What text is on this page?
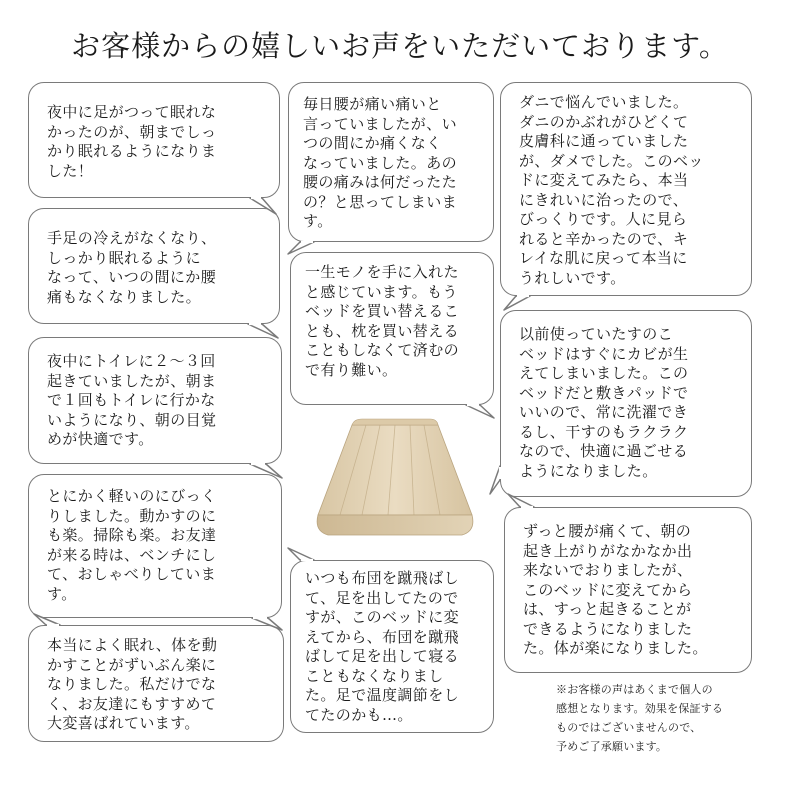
お客様からの嬉しいお声をいただいております。
夜中に足がつって眠れな
かったのが、朝までしっ
かり眠れるようになりま
した！
手足の冷えがなくなり、
しっかり眠れるように
なって、いつの間にか腰
痛もなくなりました。
夜中にトイレに２～３回
起きていましたが、朝ま
で１回もトイレに行かな
いようになり、朝の目覚
めが快適です。
とにかく軽いのにびっく
りしました。動かすのに
も楽。掃除も楽。お友達
が来る時は、ベンチにし
て、おしゃべりしていま
す。
本当によく眠れ、体を動
かすことがずいぶん楽に
なりました。私だけでな
く、お友達にもすすめて
大変喜ばれています。
毎日腰が痛い痛いと
言っていましたが、い
つの間にか痛くなく
なっていました。あの
腰の痛みは何だったた
の？と思ってしまいま
す。
一生モノを手に入れた
と感じています。もう
ベッドを買い替えるこ
とも、枕を買い替える
こともしなくて済むの
で有り難い。
いつも布団を蹴飛ばし
て、足を出してたので
すが、このベッドに変
えてから、布団を蹴飛
ばして足を出して寝る
こともなくなりまし
た。足で温度調節をし
てたのかも…。
ダニで悩んでいました。
ダニのかぶれがひどくて
皮膚科に通っていました
が、ダメでした。このベッ
ドに変えてみたら、本当
にきれいに治ったので、
びっくりです。人に見ら
れると辛かったので、キ
レイな肌に戻って本当に
うれしいです。
以前使っていたすのこ
ベッドはすぐにカビが生
えてしまいました。この
ベッドだと敷きパッドで
いいので、常に洗濯でき
るし、干すのもラクラク
なので、快適に過ごせる
ようになりました。
ずっと腰が痛くて、朝の
起き上がりがなかなか出
来ないでおりましたが、
このベッドに変えてから
は、すっと起きることが
できるようになりました
た。体が楽になりました。
※お客様の声はあくまで個人の
感想となります。効果を保証する
ものではございませんので、
予めご了承願います。
